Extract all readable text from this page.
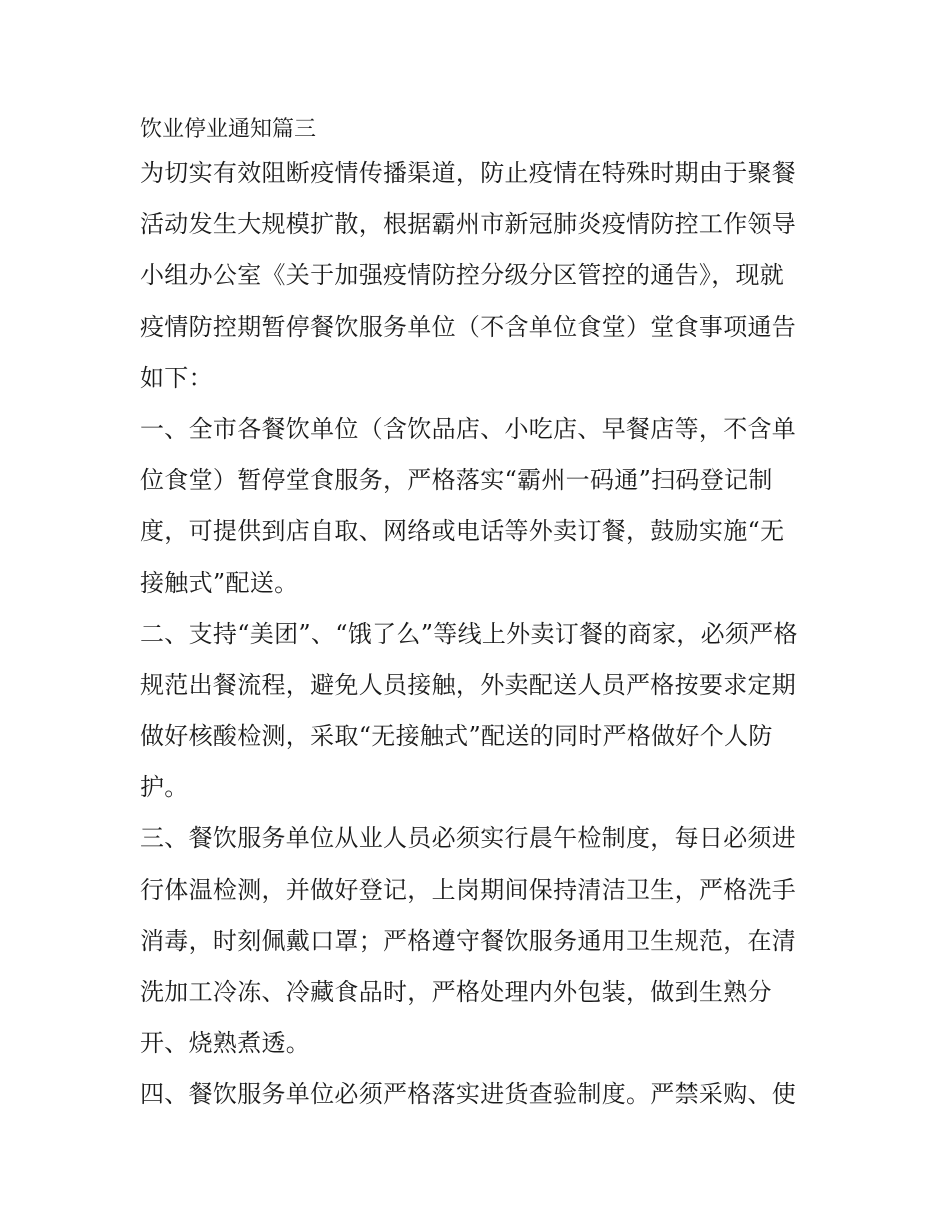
饮业停业通知篇三

为切实有效阻断疫情传播渠道，防止疫情在特殊时期由于聚餐

活动发生大规模扩散，根据霸州市新冠肺炎疫情防控工作领导

小组办公室《关于加强疫情防控分级分区管控的通告》，现就

疫情防控期暂停餐饮服务单位（不含单位食堂）堂食事项通告

如下：

一、全市各餐饮单位（含饮品店、小吃店、早餐店等，不含单

位食堂）暂停堂食服务，严格落实“霸州一码通”扫码登记制

度，可提供到店自取、网络或电话等外卖订餐，鼓励实施“无

接触式”配送。

二、支持“美团”、“饿了么”等线上外卖订餐的商家，必须严格

规范出餐流程，避免人员接触，外卖配送人员严格按要求定期

做好核酸检测，采取“无接触式”配送的同时严格做好个人防

护。

三、餐饮服务单位从业人员必须实行晨午检制度，每日必须进

行体温检测，并做好登记，上岗期间保持清洁卫生，严格洗手

消毒，时刻佩戴口罩；严格遵守餐饮服务通用卫生规范，在清

洗加工冷冻、冷藏食品时，严格处理内外包装，做到生熟分

开、烧熟煮透。

四、餐饮服务单位必须严格落实进货查验制度。严禁采购、使
